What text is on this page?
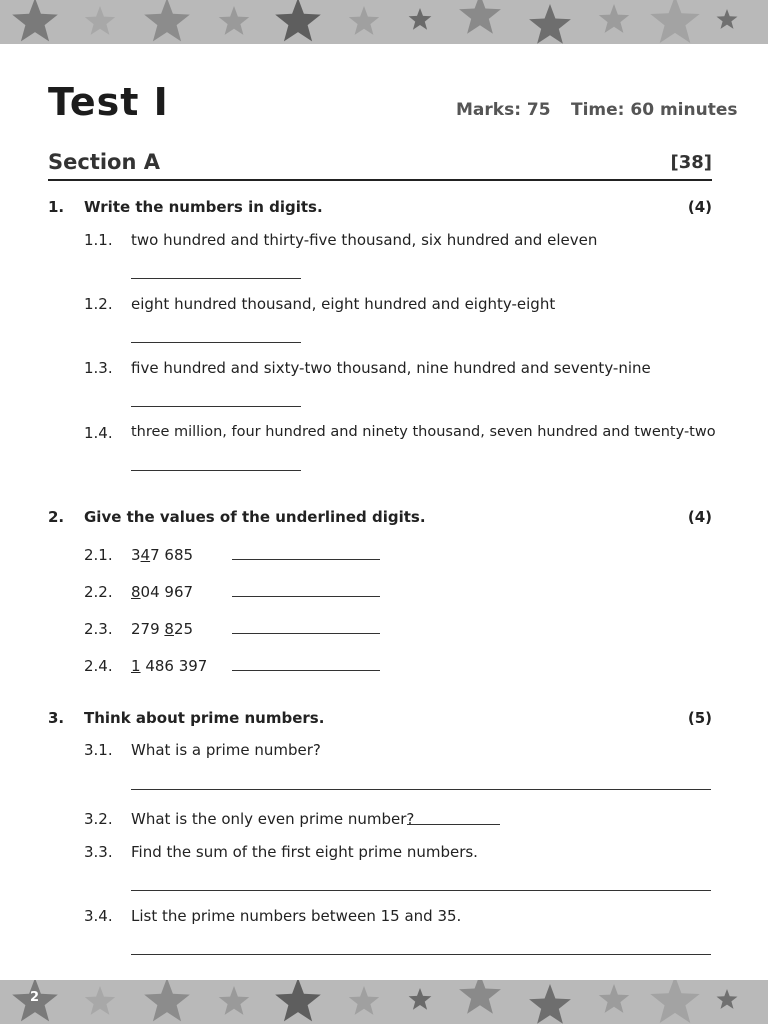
2
Test I	Marks: 75 Time: 60 minutes
Section A	[38]
1. Write the numbers in digits.	(4)
1.1. two hundred and thirty-five thousand, six hundred and eleven
1.2. eight hundred thousand, eight hundred and eighty-eight
1.3. five hundred and sixty-two thousand, nine hundred and seventy-nine
1.4. three million, four hundred and ninety thousand, seven hundred and twenty-two
2. Give the values of the underlined digits.	(4)
2.1. 347 685
2.2. 804 967
2.3. 279 825
2.4. 1 486 397
3. Think about prime numbers.	(5)
3.1. What is a prime number?
3.2. What is the only even prime number?
3.3. Find the sum of the first eight prime numbers.
3.4. List the prime numbers between 15 and 35.
